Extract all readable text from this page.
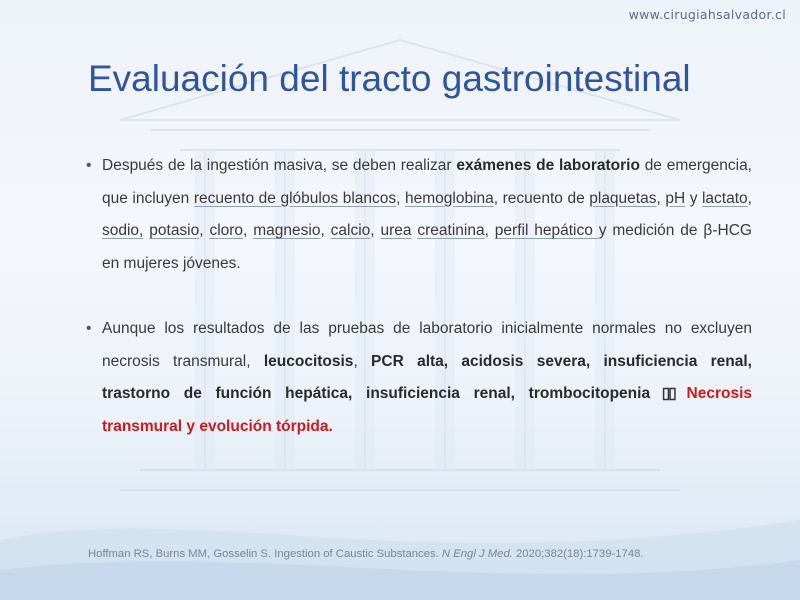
www.cirugiahsalvador.cl
Evaluación del tracto gastrointestinal
• Después de la ingestión masiva, se deben realizar exámenes de laboratorio de emergencia, que incluyen recuento de glóbulos blancos, hemoglobina, recuento de plaquetas, pH y lactato, sodio, potasio, cloro, magnesio, calcio, urea creatinina, perfil hepático y medición de β-HCG en mujeres jóvenes.
• Aunque los resultados de las pruebas de laboratorio inicialmente normales no excluyen necrosis transmural, leucocitosis, PCR alta, acidosis severa, insuficiencia renal, trastorno de función hepática, insuficiencia renal, trombocitopenia ▯▯ Necrosis transmural y evolución tórpida.
Hoffman RS, Burns MM, Gosselin S. Ingestion of Caustic Substances. N Engl J Med. 2020;382(18):1739-1748.
